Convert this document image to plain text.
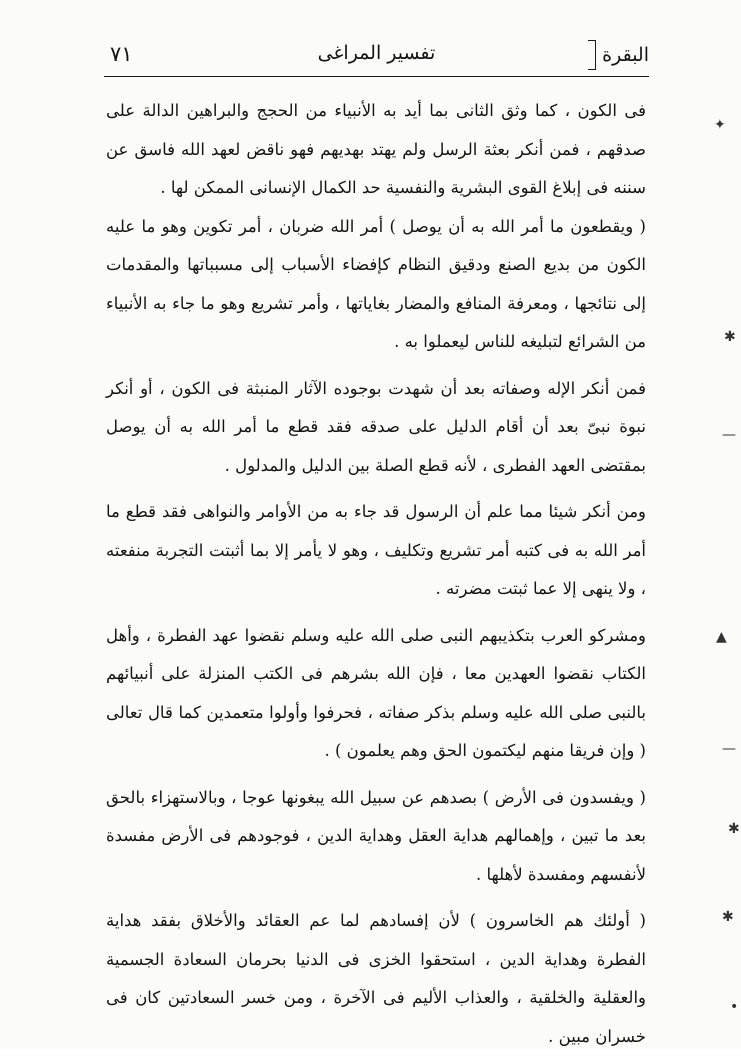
البقرة
تفسير المراغى
٧١

فى الكون ، كما وثق الثانى بما أيد به الأنبياء من الحجج والبراهين الدالة على صدقهم ، فمن أنكر بعثة الرسل ولم يهتد بهديهم فهو ناقض لعهد الله فاسق عن سننه فى إبلاغ القوى البشرية والنفسية حد الكمال الإنسانى الممكن لها .

( ويقطعون ما أمر الله به أن يوصل ) أمر الله ضربان ، أمر تكوين وهو ما عليه الكون من بديع الصنع ودقيق النظام كإفضاء الأسباب إلى مسبباتها والمقدمات إلى نتائجها ، ومعرفة المنافع والمضار بغاياتها ، وأمر تشريع وهو ما جاء به الأنبياء من الشرائع لتبليغه للناس ليعملوا به .

فمن أنكر الإله وصفاته بعد أن شهدت بوجوده الآثار المنبثة فى الكون ، أو أنكر نبوة نبىّ بعد أن أقام الدليل على صدقه فقد قطع ما أمر الله به أن يوصل بمقتضى العهد الفطرى ، لأنه قطع الصلة بين الدليل والمدلول .

ومن أنكر شيئا مما علم أن الرسول قد جاء به من الأوامر والنواهى فقد قطع ما أمر الله به فى كتبه أمر تشريع وتكليف ، وهو لا يأمر إلا بما أثبتت التجربة منفعته ، ولا ينهى إلا عما ثبتت مضرته .

ومشركو العرب بتكذيبهم النبى صلى الله عليه وسلم نقضوا عهد الفطرة ، وأهل الكتاب نقضوا العهدين معا ، فإن الله بشرهم فى الكتب المنزلة على أنبيائهم بالنبى صلى الله عليه وسلم بذكر صفاته ، فحرفوا وأولوا متعمدين كما قال تعالى ( وإن فريقا منهم ليكتمون الحق وهم يعلمون ) .

( ويفسدون فى الأرض ) بصدهم عن سبيل الله يبغونها عوجا ، وبالاستهزاء بالحق بعد ما تبين ، وإهمالهم هداية العقل وهداية الدين ، فوجودهم فى الأرض مفسدة لأنفسهم ومفسدة لأهلها .

( أولئك هم الخاسرون ) لأن إفسادهم لما عم العقائد والأخلاق بفقد هداية الفطرة وهداية الدين ، استحقوا الخزى فى الدنيا بحرمان السعادة الجسمية والعقلية والخلقية ، والعذاب الأليم فى الآخرة ، ومن خسر السعادتين كان فى خسران مبين .

✦
✱
—
▲
—
✱
✱
•
